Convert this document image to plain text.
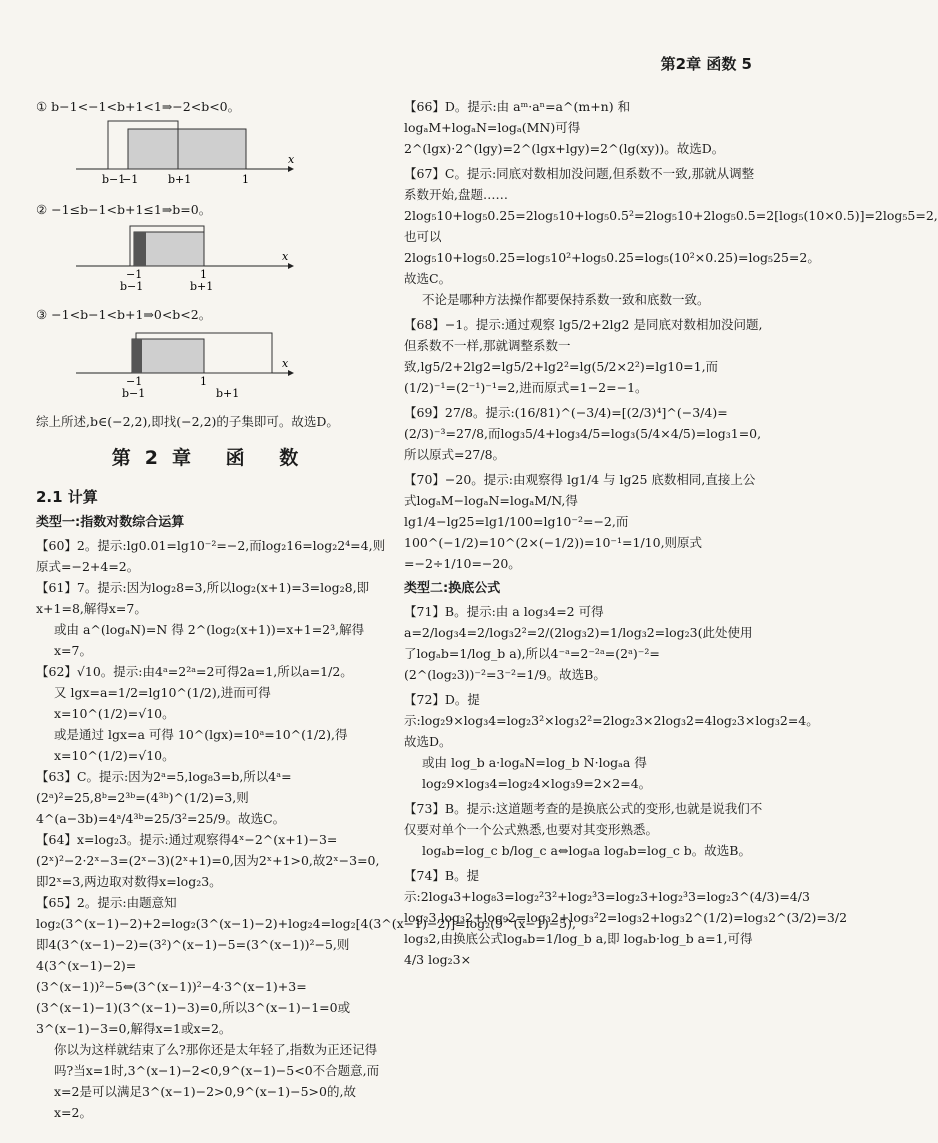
第2章 函数 5
① b−1<−1<b+1<1⇒−2<b<0。
b−1
−1	b+1	1
x
② −1≤b−1<b+1≤1⇒b=0。
−1	1
b−1	b+1
x
③ −1<b−1<b+1⇒0<b<2。
−1	1
b−1	b+1
x
综上所述,b∈(−2,2),即找(−2,2)的子集即可。故选D。
第2章 函 数
2.1 计算
类型一:指数对数综合运算
【60】2。提示:lg0.01=lg10⁻²=−2,而log₂16=log₂2⁴=4,则原式=−2+4=2。
【61】7。提示:因为log₂8=3,所以log₂(x+1)=3=log₂8,即x+1=8,解得x=7。
或由 a^(logₐN)=N 得 2^(log₂(x+1))=x+1=2³,解得x=7。
【62】√10。提示:由4ᵃ=2²ᵃ=2可得2a=1,所以a=1/2。
又 lgx=a=1/2=lg10^(1/2),进而可得 x=10^(1/2)=√10。
或是通过 lgx=a 可得 10^(lgx)=10ᵃ=10^(1/2),得 x=10^(1/2)=√10。
【63】C。提示:因为2ᵃ=5,log₈3=b,所以4ᵃ=(2ᵃ)²=25,8ᵇ=2³ᵇ=(4³ᵇ)^(1/2)=3,则4^(a−3b)=4ᵃ/4³ᵇ=25/3²=25/9。故选C。
【64】x=log₂3。提示:通过观察得4ˣ−2^(x+1)−3=(2ˣ)²−2·2ˣ−3=(2ˣ−3)(2ˣ+1)=0,因为2ˣ+1>0,故2ˣ−3=0,即2ˣ=3,两边取对数得x=log₂3。
【65】2。提示:由题意知log₂(3^(x−1)−2)+2=log₂(3^(x−1)−2)+log₂4=log₂[4(3^(x−1)−2)]=log₂(9^(x−1)−5),即4(3^(x−1)−2)=(3²)^(x−1)−5=(3^(x−1))²−5,则4(3^(x−1)−2)=(3^(x−1))²−5⇔(3^(x−1))²−4·3^(x−1)+3=(3^(x−1)−1)(3^(x−1)−3)=0,所以3^(x−1)−1=0或3^(x−1)−3=0,解得x=1或x=2。
你以为这样就结束了么?那你还是太年轻了,指数为正还记得吗?当x=1时,3^(x−1)−2<0,9^(x−1)−5<0不合题意,而x=2是可以满足3^(x−1)−2>0,9^(x−1)−5>0的,故x=2。
【66】D。提示:由 aᵐ·aⁿ=a^(m+n) 和 logₐM+logₐN=logₐ(MN)可得2^(lgx)·2^(lgy)=2^(lgx+lgy)=2^(lg(xy))。故选D。
【67】C。提示:同底对数相加没问题,但系数不一致,那就从调整系数开始,盘题……2log₅10+log₅0.25=2log₅10+log₅0.5²=2log₅10+2log₅0.5=2[log₅(10×0.5)]=2log₅5=2,也可以2log₅10+log₅0.25=log₅10²+log₅0.25=log₅(10²×0.25)=log₅25=2。故选C。
不论是哪种方法操作都要保持系数一致和底数一致。
【68】−1。提示:通过观察 lg5/2+2lg2 是同底对数相加没问题,但系数不一样,那就调整系数一致,lg5/2+2lg2=lg5/2+lg2²=lg(5/2×2²)=lg10=1,而(1/2)⁻¹=(2⁻¹)⁻¹=2,进而原式=1−2=−1。
【69】27/8。提示:(16/81)^(−3/4)=[(2/3)⁴]^(−3/4)=(2/3)⁻³=27/8,而log₃5/4+log₃4/5=log₃(5/4×4/5)=log₃1=0,所以原式=27/8。
【70】−20。提示:由观察得 lg1/4 与 lg25 底数相同,直接上公式logₐM−logₐN=logₐM/N,得 lg1/4−lg25=lg1/100=lg10⁻²=−2,而 100^(−1/2)=10^(2×(−1/2))=10⁻¹=1/10,则原式=−2÷1/10=−20。
类型二:换底公式
【71】B。提示:由 a log₃4=2 可得 a=2/log₃4=2/log₃2²=2/(2log₃2)=1/log₃2=log₂3(此处使用了logₐb=1/log_b a),所以4⁻ᵃ=2⁻²ᵃ=(2ᵃ)⁻²=(2^(log₂3))⁻²=3⁻²=1/9。故选B。
【72】D。提示:log₂9×log₃4=log₂3²×log₃2²=2log₂3×2log₃2=4log₂3×log₃2=4。故选D。
或由 log_b a·logₐN=log_b N·logₐa 得 log₂9×log₃4=log₂4×log₃9=2×2=4。
【73】B。提示:这道题考查的是换底公式的变形,也就是说我们不仅要对单个一个公式熟悉,也要对其变形熟悉。
logₐb=log_c b/log_c a⇔logₐa logₐb=log_c b。故选B。
【74】B。提示:2log₄3+log₈3=log₂²3²+log₂³3=log₂3+log₂³3=log₂3^(4/3)=4/3 log₂3,log₃2+log₉2=log₃2+log₃²2=log₃2+log₃2^(1/2)=log₃2^(3/2)=3/2 log₃2,由换底公式logₐb=1/log_b a,即 logₐb·log_b a=1,可得 4/3 log₂3×
